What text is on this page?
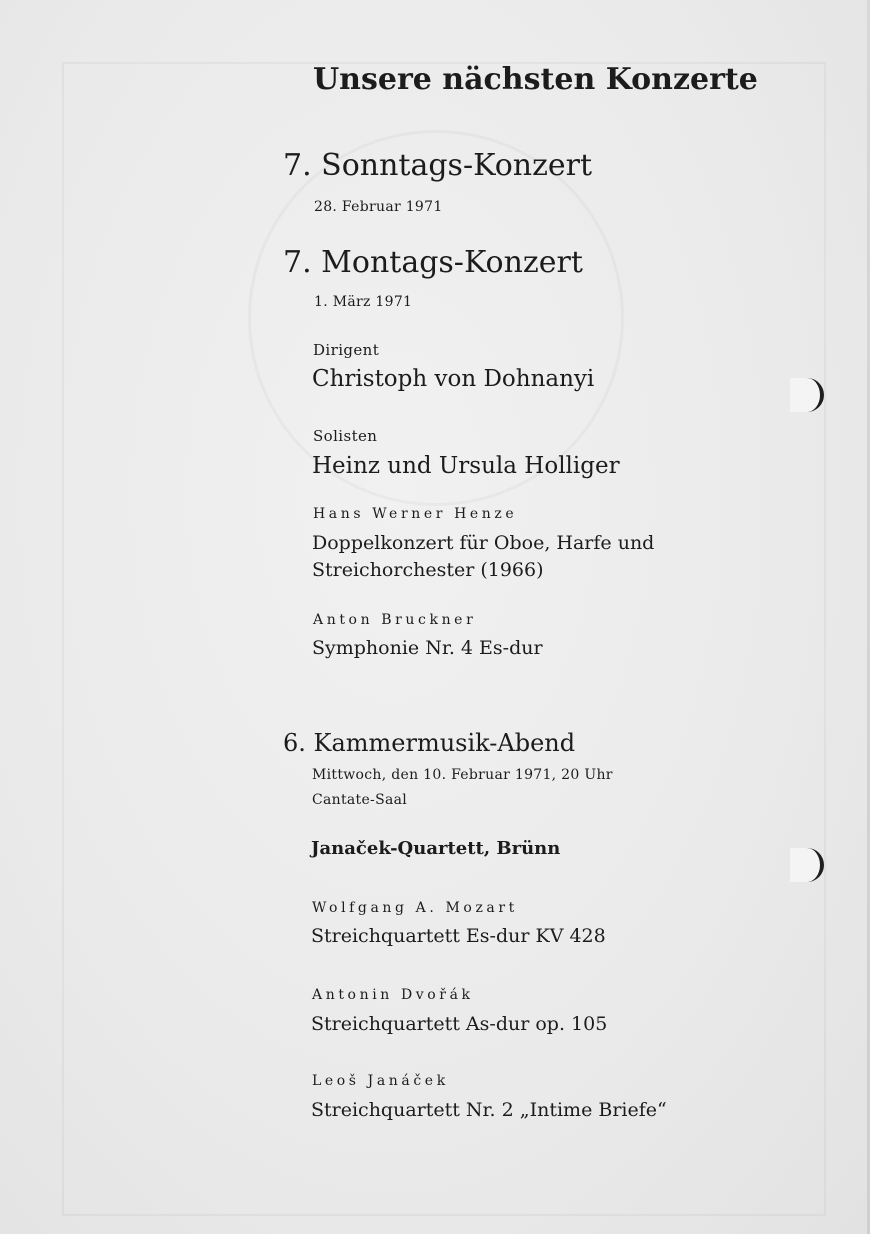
Unsere nächsten Konzerte
7. Sonntags-Konzert
28. Februar 1971
7. Montags-Konzert
1. März 1971
Dirigent
Christoph von Dohnanyi
Solisten
Heinz und Ursula Holliger
Hans Werner Henze
Doppelkonzert für Oboe, Harfe und
Streichorchester (1966)
Anton Bruckner
Symphonie Nr. 4 Es-dur
6. Kammermusik-Abend
Mittwoch, den 10. Februar 1971, 20 Uhr
Cantate-Saal
Janaček-Quartett, Brünn
Wolfgang A. Mozart
Streichquartett Es-dur KV 428
Antonin Dvořák
Streichquartett As-dur op. 105
Leoš Janáček
Streichquartett Nr. 2 „Intime Briefe“
